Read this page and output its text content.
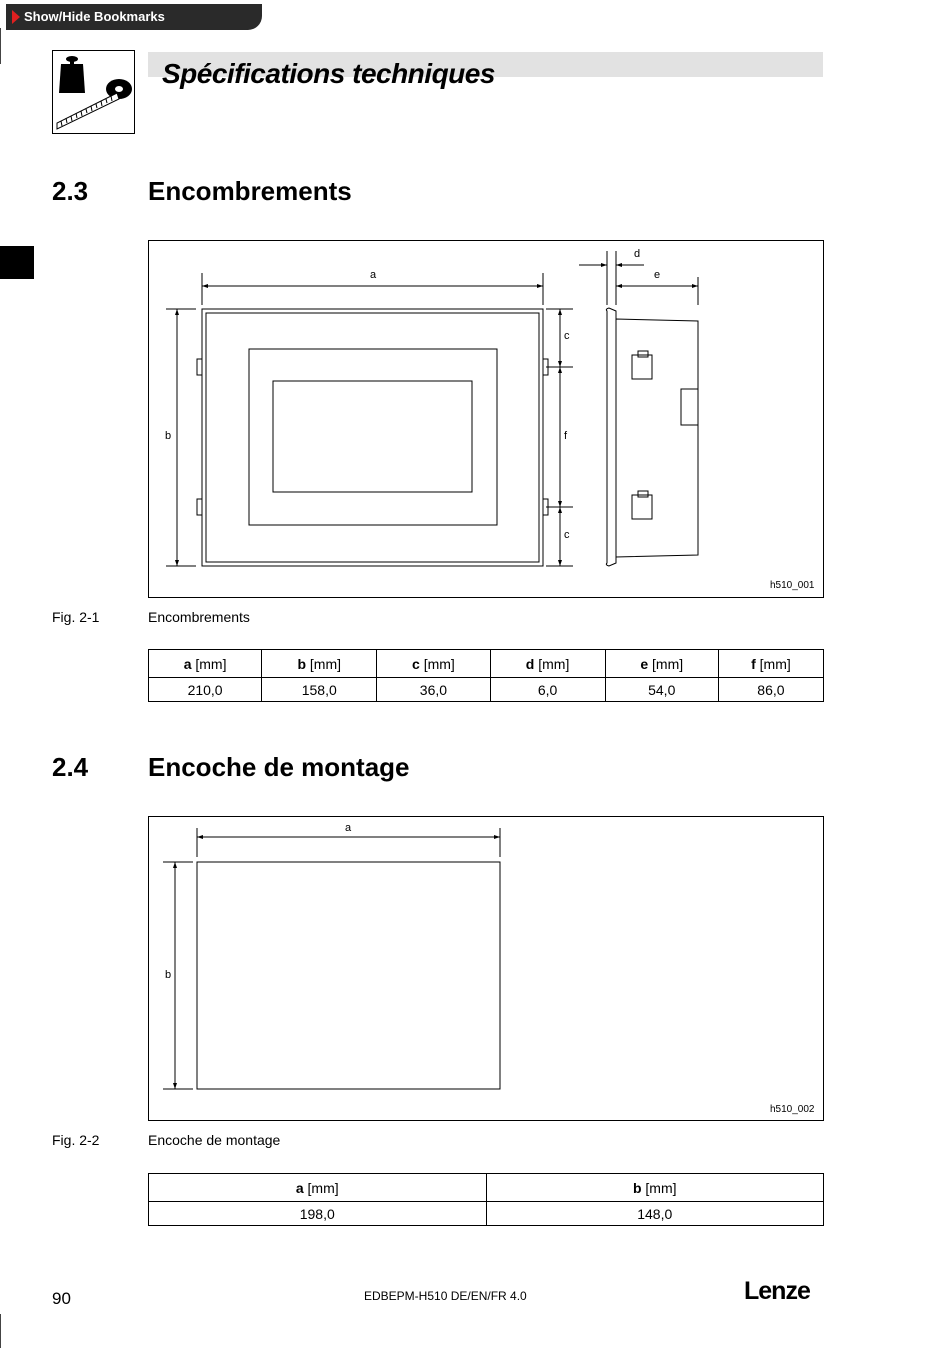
Show/Hide Bookmarks
Spécifications techniques
2.3 Encombrements
a
b
c
f
c
d
e
h510_001
Fig. 2-1	Encombrements
a [mm]	b [mm]	c [mm]	d [mm]	e [mm]	f [mm]
210,0	158,0	36,0	6,0	54,0	86,0
2.4 Encoche de montage
a
b
h510_002
Fig. 2-2	Encoche de montage
a [mm]	b [mm]
198,0	148,0
90	EDBEPM-H510 DE/EN/FR 4.0	Lenze
